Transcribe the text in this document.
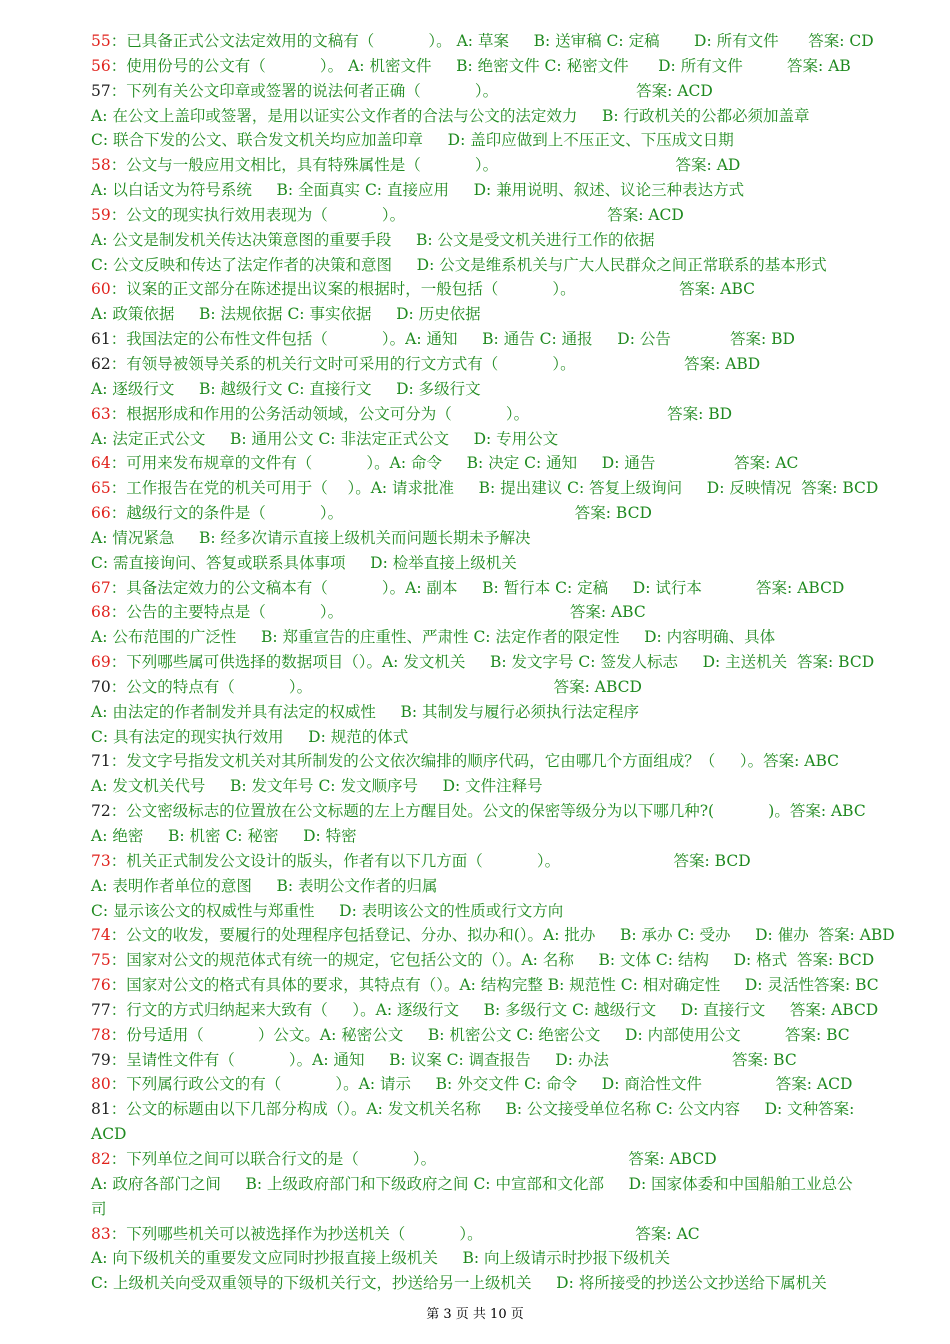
55：已具备正式公文法定效用的文稿有（           ）。 A: 草案     B: 送审稿 C: 定稿       D: 所有文件      答案: CD
56：使用份号的公文有（           ）。 A: 机密文件     B: 绝密文件 C: 秘密文件      D: 所有文件         答案: AB
57：下列有关公文印章或签署的说法何者正确（           ）。                            答案: ACD
A: 在公文上盖印或签署，是用以证实公文作者的合法与公文的法定效力     B: 行政机关的公都必须加盖章
C: 联合下发的公文、联合发文机关均应加盖印章     D: 盖印应做到上不压正文、下压成文日期
58：公文与一般应用文相比，具有特殊属性是（           ）。                                    答案: AD
A: 以白话文为符号系统     B: 全面真实 C: 直接应用     D: 兼用说明、叙述、议论三种表达方式
59：公文的现实执行效用表现为（           ）。                                         答案: ACD
A: 公文是制发机关传达决策意图的重要手段     B: 公文是受文机关进行工作的依据
C: 公文反映和传达了法定作者的决策和意图     D: 公文是维系机关与广大人民群众之间正常联系的基本形式
60：议案的正文部分在陈述提出议案的根据时，一般包括（           ）。                     答案: ABC
A: 政策依据     B: 法规依据 C: 事实依据     D: 历史依据
61：我国法定的公布性文件包括（           ）。A: 通知     B: 通告 C: 通报     D: 公告            答案: BD
62：有领导被领导关系的机关行文时可采用的行文方式有（           ）。                      答案: ABD
A: 逐级行文     B: 越级行文 C: 直接行文     D: 多级行文
63：根据形成和作用的公务活动领域，公文可分为（           ）。                            答案: BD
A: 法定正式公文     B: 通用公文 C: 非法定正式公文     D: 专用公文
64：可用来发布规章的文件有（           ）。A: 命令     B: 决定 C: 通知     D: 通告                答案: AC
65：工作报告在党的机关可用于（    ）。A: 请求批准     B: 提出建议 C: 答复上级询问     D: 反映情况  答案: BCD
66：越级行文的条件是（           ）。                                               答案: BCD
A: 情况紧急     B: 经多次请示直接上级机关而问题长期未予解决
C: 需直接询问、答复或联系具体事项     D: 检举直接上级机关
67：具备法定效力的公文稿本有（           ）。A: 副本     B: 暂行本 C: 定稿     D: 试行本           答案: ABCD
68：公告的主要特点是（           ）。                                              答案: ABC
A: 公布范围的广泛性     B: 郑重宣告的庄重性、严肃性 C: 法定作者的限定性     D: 内容明确、具体
69：下列哪些属可供选择的数据项目（）。A: 发文机关     B: 发文字号 C: 签发人标志     D: 主送机关  答案: BCD
70：公文的特点有（           ）。                                                 答案: ABCD
A: 由法定的作者制发并具有法定的权威性     B: 其制发与履行必须执行法定程序
C: 具有法定的现实执行效用     D: 规范的体式
71：发文字号指发文机关对其所制发的公文依次编排的顺序代码，它由哪几个方面组成？（     ）。答案: ABC
A: 发文机关代号     B: 发文年号 C: 发文顺序号     D: 文件注释号
72：公文密级标志的位置放在公文标题的左上方醒目处。公文的保密等级分为以下哪几种?(           )。答案: ABC
A: 绝密     B: 机密 C: 秘密     D: 特密
73：机关正式制发公文设计的版头，作者有以下几方面（           ）。                       答案: BCD
A: 表明作者单位的意图     B: 表明公文作者的归属
C: 显示该公文的权威性与郑重性     D: 表明该公文的性质或行文方向
74：公文的收发，要履行的处理程序包括登记、分办、拟办和(）。A: 批办     B: 承办 C: 受办     D: 催办  答案: ABD
75：国家对公文的规范体式有统一的规定，它包括公文的（）。A: 名称     B: 文体 C: 结构     D: 格式  答案: BCD
76：国家对公文的格式有具体的要求，其特点有（）。A: 结构完整 B: 规范性 C: 相对确定性     D: 灵活性答案: BC
77：行文的方式归纳起来大致有（     ）。A: 逐级行文     B: 多级行文 C: 越级行文     D: 直接行文     答案: ABCD
78：份号适用（           ）公文。A: 秘密公文     B: 机密公文 C: 绝密公文     D: 内部使用公文         答案: BC
79：呈请性文件有（           ）。A: 通知     B: 议案 C: 调查报告     D: 办法                         答案: BC
80：下列属行政公文的有（           ）。A: 请示     B: 外交文件 C: 命令     D: 商洽性文件               答案: ACD
81：公文的标题由以下几部分构成（）。A: 发文机关名称     B: 公文接受单位名称 C: 公文内容     D: 文种答案:
ACD
82：下列单位之间可以联合行文的是（           ）。                                       答案: ABCD
A: 政府各部门之间     B: 上级政府部门和下级政府之间 C: 中宣部和文化部     D: 国家体委和中国船舶工业总公
司
83：下列哪些机关可以被选择作为抄送机关（           ）。                               答案: AC
A: 向下级机关的重要发文应同时抄报直接上级机关     B: 向上级请示时抄报下级机关
C: 上级机关向受双重领导的下级机关行文，抄送给另一上级机关     D: 将所接受的抄送公文抄送给下属机关
第 3 页 共 10 页
